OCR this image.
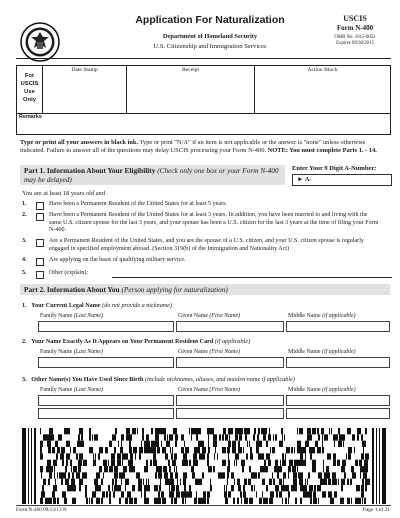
Application For Naturalization
Department of Homeland Security
U.S. Citizenship and Immigration Services
USCIS
Form N-400
OMB No. 1615-0052
Expires 09/30/2015
For
USCIS
Use
Only
Date Stamp	Receipt	Action Block
Remarks
Type or print all your answers in black ink. Type or print "N/A" if an item is not applicable or the answer is "none" unless otherwise indicated. Failure to answer all of the questions may delay USCIS processing your Form N-400. NOTE: You must complete Parts 1. - 14.
Part 1. Information About Your Eligibility (Check only one box or your Form N-400 may be delayed)
Enter Your 9 Digit A-Number:
► A-
You are at least 18 years old and
1.	Have been a Permanent Resident of the United States for at least 5 years.
2.	Have been a Permanent Resident of the United States for at least 3 years. In addition, you have been married to and living with the same U.S. citizen spouse for the last 3 years, and your spouse has been a U.S. citizen for the last 3 years at the time of filing your Form N-400.
3.	Are a Permanent Resident of the United States, and you are the spouse of a U.S. citizen, and your U.S. citizen spouse is regularly engaged in specified employment abroad. (Section 319(b) of the Immigration and Nationality Act)
4.	Are applying on the basis of qualifying military service.
5.	Other (explain):
Part 2. Information About You (Person applying for naturalization)
1. Your Current Legal Name (do not provide a nickname)
Family Name (Last Name)	Given Name (First Name)	Middle Name (if applicable)
2. Your Name Exactly As It Appears on Your Permanent Resident Card (if applicable)
Family Name (Last Name)	Given Name (First Name)	Middle Name (if applicable)
3. Other Name(s) You Have Used Since Birth (include nicknames, aliases, and maiden name if applicable)
Family Name (Last Name)	Given Name (First Name)	Middle Name (if applicable)
Form N-400 09/13/13 N	Page 1 of 21
